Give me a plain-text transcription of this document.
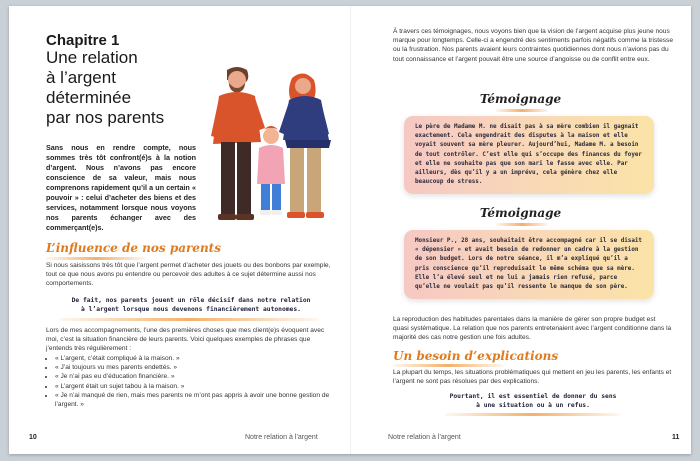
Chapitre 1
Une relation
à l’argent
déterminée
par nos parents
Sans nous en rendre compte, nous sommes très tôt confront(é)s à la notion d’argent. Nous n’avons pas encore conscience de sa valeur, mais nous comprenons rapidement qu’il a un certain « pouvoir » : celui d’acheter des biens et des services, notamment lorsque nous voyons nos parents échanger avec des commerçant(e)s.
L’influence de nos parents
Si nous saisissons très tôt que l’argent permet d’acheter des jouets ou des bonbons par exemple, tout ce que nous avons pu entendre ou percevoir des adultes à ce sujet détermine aussi nos comportements.
De fait, nos parents jouent un rôle décisif dans notre relation
à l’argent lorsque nous devenons financièrement autonomes.
Lors de mes accompagnements, l’une des premières choses que mes client(e)s évoquent avec moi, c’est la situation financière de leurs parents. Voici quelques exemples de phrases que j’entends très régulièrement :
• « L’argent, c’était compliqué à la maison. »
• « J’ai toujours vu mes parents endettés. »
• « Je n’ai pas eu d’éducation financière. »
• « L’argent était un sujet tabou à la maison. »
• « Je n’ai manqué de rien, mais mes parents ne m’ont pas appris à avoir une bonne gestion de l’argent. »
10	Notre relation à l’argent
À travers ces témoignages, nous voyons bien que la vision de l’argent acquise plus jeune nous marque pour longtemps. Celle-ci a engendré des sentiments parfois négatifs comme la tristesse ou la frustration. Nos parents avaient leurs contraintes quotidiennes dont nous n’avions pas du tout connaissance et l’argent pouvait être une source d’angoisse ou de conflit entre eux.
Témoignage
Le père de Madame M. ne disait pas à sa mère combien il gagnait exactement. Cela engendrait des disputes à la maison et elle voyait souvent sa mère pleurer. Aujourd’hui, Madame M. a besoin de tout contrôler. C’est elle qui s’occupe des finances du foyer et elle ne souhaite pas que son mari le fasse avec elle. Par ailleurs, dès qu’il y a un imprévu, cela génère chez elle beaucoup de stress.
Témoignage
Monsieur P., 28 ans, souhaitait être accompagné car il se disait « dépensier » et avait besoin de redonner un cadre à la gestion de son budget. Lors de notre séance, il m’a expliqué qu’il a pris conscience qu’il reproduisait le même schéma que sa mère. Elle l’a élevé seul et ne lui a jamais rien refusé, parce qu’elle ne voulait pas qu’il ressente le manque de son père.
La reproduction des habitudes parentales dans la manière de gérer son propre budget est quasi systématique. La relation que nos parents entretenaient avec l’argent conditionne dans la majorité des cas notre gestion une fois adultes.
Un besoin d’explications
La plupart du temps, les situations problématiques qui mettent en jeu les parents, les enfants et l’argent ne sont pas résolues par des explications.
Pourtant, il est essentiel de donner du sens
à une situation ou à un refus.
Notre relation à l’argent	11
